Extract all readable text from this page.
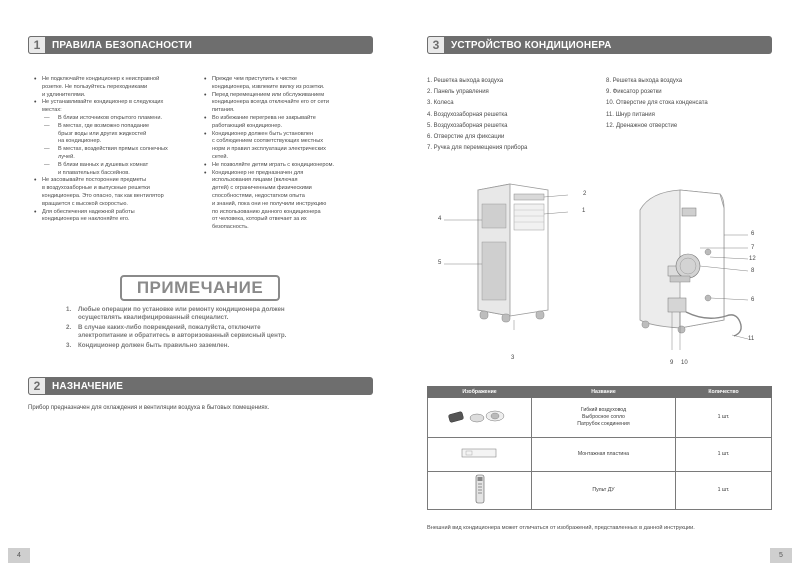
1	ПРАВИЛА БЕЗОПАСНОСТИ
• Не подключайте кондиционер к неисправной
розетке. Не пользуйтесь переходниками
и удлинителями.
• Не устанавливайте кондиционер в следующих
местах:
— В близи источников открытого пламени.
— В местах, где возможно попадание
брызг воды или других жидкостей
на кондиционер.
— В местах, воздействия прямых солнечных
лучей.
— В близи ванных и душевых комнат
и плавательных бассейнов.
• Не засовывайте посторонние предметы
в воздухозаборные и выпускные решетки
кондиционера. Это опасно, так как вентилятор
вращается с высокой скоростью.
• Для обеспечения надежной работы
кондиционера не наклоняйте его.
• Прежде чем приступить к чистке
кондиционера, извлеките вилку из розетки.
• Перед перемещением или обслуживанием
кондиционера всегда отключайте его от сети
питания.
• Во избежание перегрева не закрывайте
работающий кондиционер.
• Кондиционер должен быть установлен
с соблюдением соответствующих местных
норм и правил эксплуатации электрических
сетей.
• Не позволяйте детям играть с кондиционером.
• Кондиционер не предназначен для
использования лицами (включая
детей) с ограниченными физическими
способностями, недостатком опыта
и знаний, пока они не получили инструкцию
по использованию данного кондиционера
от человека, который отвечает за их
безопасность.
ПРИМЕЧАНИЕ
1. Любые операции по установке или ремонту кондиционера должен
осуществлять квалифицированный специалист.
2. В случае каких-либо повреждений, пожалуйста, отключите
электропитание и обратитесь в авторизованный сервисный центр.
3. Кондиционер должен быть правильно заземлен.
2	НАЗНАЧЕНИЕ
Прибор предназначен для охлаждения и вентиляции воздуха в бытовых помещениях.
4
3	УСТРОЙСТВО КОНДИЦИОНЕРА
1. Решетка выхода воздуха
2. Панель управления
3. Колеса
4. Воздухозаборная решетка
5. Воздухозаборная решетка
6. Отверстие для фиксации
7. Ручка для перемещения прибора
8. Решетка выхода воздуха
9. Фиксатор розетки
10. Отверстие для стока конденсата
11. Шнур питания
12. Дренажное отверстие
2
1
4
5
3
6
7
12
8
6
11
9 10
Изображение	Название	Количество

Гибкий воздуховод
Выбросное сопло
Патрубок соединения	1 шт.

Монтажная пластина	1 шт.

Пульт ДУ	1 шт.
Внешний вид кондиционера может отличаться от изображений, представленных в данной инструкции.
5
